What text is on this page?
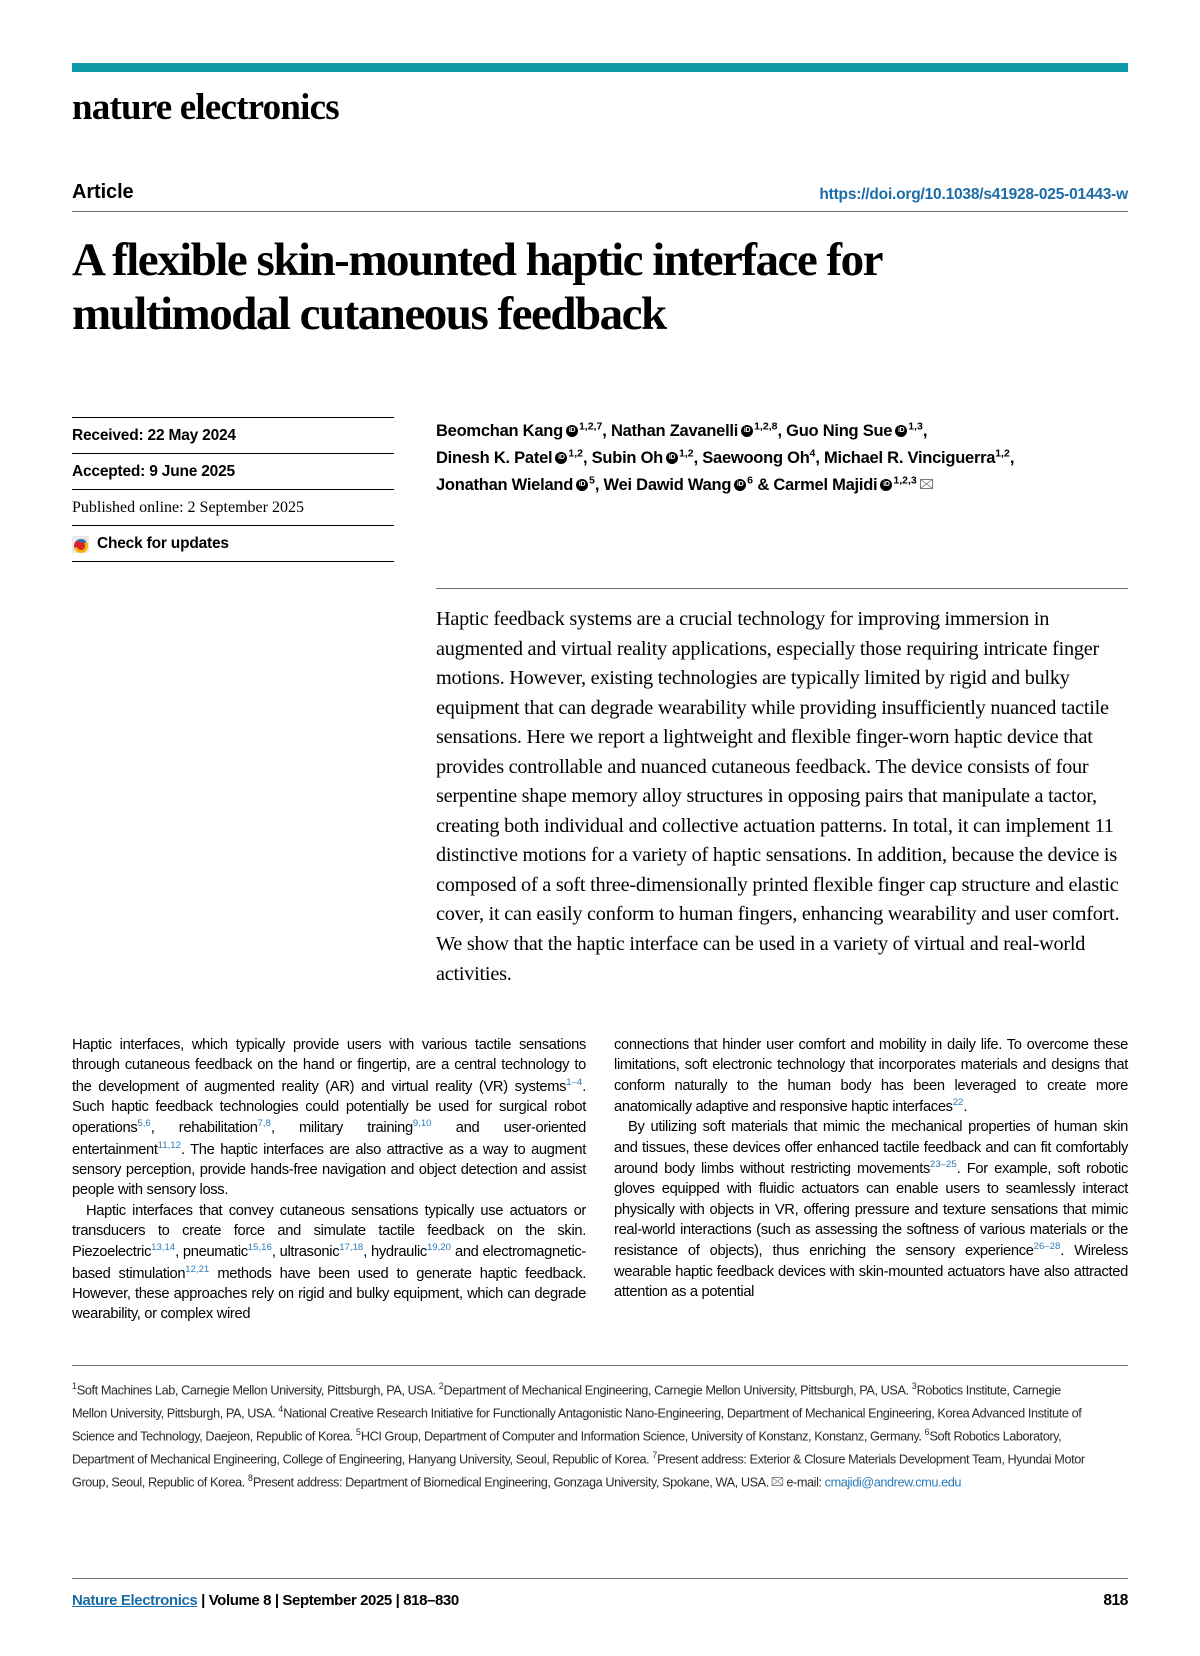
nature electronics
Article	https://doi.org/10.1038/s41928-025-01443-w
A flexible skin-mounted haptic interface for multimodal cutaneous feedback
Received: 22 May 2024
Accepted: 9 June 2025
Published online: 2 September 2025
Check for updates
Beomchan Kang iD $^{1,2,7}$, Nathan Zavanelli iD $^{1,2,8}$, Guo Ning Sue iD $^{1,3}$,
Dinesh K. Patel iD $^{1,2}$, Subin Oh iD $^{1,2}$, Saewoong Oh$^4$, Michael R. Vinciguerra$^{1,2}$,
Jonathan Wieland iD $^5$, Wei Dawid Wang iD $^6$ & Carmel Majidi iD $^{1,2,3}$
Haptic feedback systems are a crucial technology for improving immersion in augmented and virtual reality applications, especially those requiring intricate finger motions. However, existing technologies are typically limited by rigid and bulky equipment that can degrade wearability while providing insufficiently nuanced tactile sensations. Here we report a lightweight and flexible finger-worn haptic device that provides controllable and nuanced cutaneous feedback. The device consists of four serpentine shape memory alloy structures in opposing pairs that manipulate a tactor, creating both individual and collective actuation patterns. In total, it can implement 11 distinctive motions for a variety of haptic sensations. In addition, because the device is composed of a soft three-dimensionally printed flexible finger cap structure and elastic cover, it can easily conform to human fingers, enhancing wearability and user comfort. We show that the haptic interface can be used in a variety of virtual and real-world activities.

Haptic interfaces, which typically provide users with various tactile sensations through cutaneous feedback on the hand or fingertip, are a central technology to the development of augmented reality (AR) and virtual reality (VR) systems$^{1-4}$. Such haptic feedback technologies could potentially be used for surgical robot operations$^{5,6}$, rehabilitation$^{7,8}$, military training$^{9,10}$ and user-oriented entertainment$^{11,12}$. The haptic interfaces are also attractive as a way to augment sensory perception, provide hands-free navigation and object detection and assist people with sensory loss.

Haptic interfaces that convey cutaneous sensations typically use actuators or transducers to create force and simulate tactile feedback on the skin. Piezoelectric$^{13,14}$, pneumatic$^{15,16}$, ultrasonic$^{17,18}$, hydraulic$^{19,20}$ and electromagnetic-based stimulation$^{12,21}$ methods have been used to generate haptic feedback. However, these approaches rely on rigid and bulky equipment, which can degrade wearability, or complex wired

connections that hinder user comfort and mobility in daily life. To overcome these limitations, soft electronic technology that incorporates materials and designs that conform naturally to the human body has been leveraged to create more anatomically adaptive and responsive haptic interfaces$^{22}$.

By utilizing soft materials that mimic the mechanical properties of human skin and tissues, these devices offer enhanced tactile feedback and can fit comfortably around body limbs without restricting movements$^{23-25}$. For example, soft robotic gloves equipped with fluidic actuators can enable users to seamlessly interact physically with objects in VR, offering pressure and texture sensations that mimic real-world interactions (such as assessing the softness of various materials or the resistance of objects), thus enriching the sensory experience$^{26-28}$. Wireless wearable haptic feedback devices with skin-mounted actuators have also attracted attention as a potential

$^1$Soft Machines Lab, Carnegie Mellon University, Pittsburgh, PA, USA. $^2$Department of Mechanical Engineering, Carnegie Mellon University, Pittsburgh, PA, USA. $^3$Robotics Institute, Carnegie Mellon University, Pittsburgh, PA, USA. $^4$National Creative Research Initiative for Functionally Antagonistic Nano-Engineering, Department of Mechanical Engineering, Korea Advanced Institute of Science and Technology, Daejeon, Republic of Korea. $^5$HCI Group, Department of Computer and Information Science, University of Konstanz, Konstanz, Germany. $^6$Soft Robotics Laboratory, Department of Mechanical Engineering, College of Engineering, Hanyang University, Seoul, Republic of Korea. $^7$Present address: Exterior & Closure Materials Development Team, Hyundai Motor Group, Seoul, Republic of Korea. $^8$Present address: Department of Biomedical Engineering, Gonzaga University, Spokane, WA, USA. e-mail: cmajidi@andrew.cmu.edu

Nature Electronics | Volume 8 | September 2025 | 818–830	818
